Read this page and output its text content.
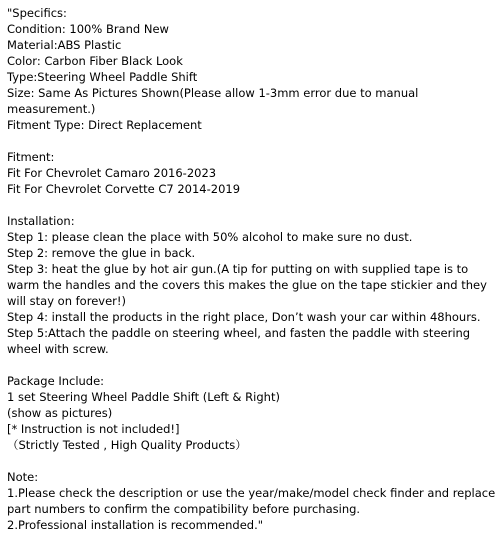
"Specifics:
Condition: 100% Brand New
Material:ABS Plastic
Color: Carbon Fiber Black Look
Type:Steering Wheel Paddle Shift
Size: Same As Pictures Shown(Please allow 1-3mm error due to manual measurement.)
Fitment Type: Direct Replacement
Fitment:
Fit For Chevrolet Camaro 2016-2023
Fit For Chevrolet Corvette C7 2014-2019
Installation:
Step 1: please clean the place with 50% alcohol to make sure no dust.
Step 2: remove the glue in back.
Step 3: heat the glue by hot air gun.(A tip for putting on with supplied tape is to warm the handles and the covers this makes the glue on the tape stickier and they will stay on forever!)
Step 4: install the products in the right place, Don’t wash your car within 48hours.
Step 5:Attach the paddle on steering wheel, and fasten the paddle with steering wheel with screw.
Package Include:
1 set Steering Wheel Paddle Shift (Left & Right)
(show as pictures)
[* Instruction is not included!]
（Strictly Tested , High Quality Products）
Note:
1.Please check the description or use the year/make/model check finder and replace part numbers to confirm the compatibility before purchasing.
2.Professional installation is recommended."
